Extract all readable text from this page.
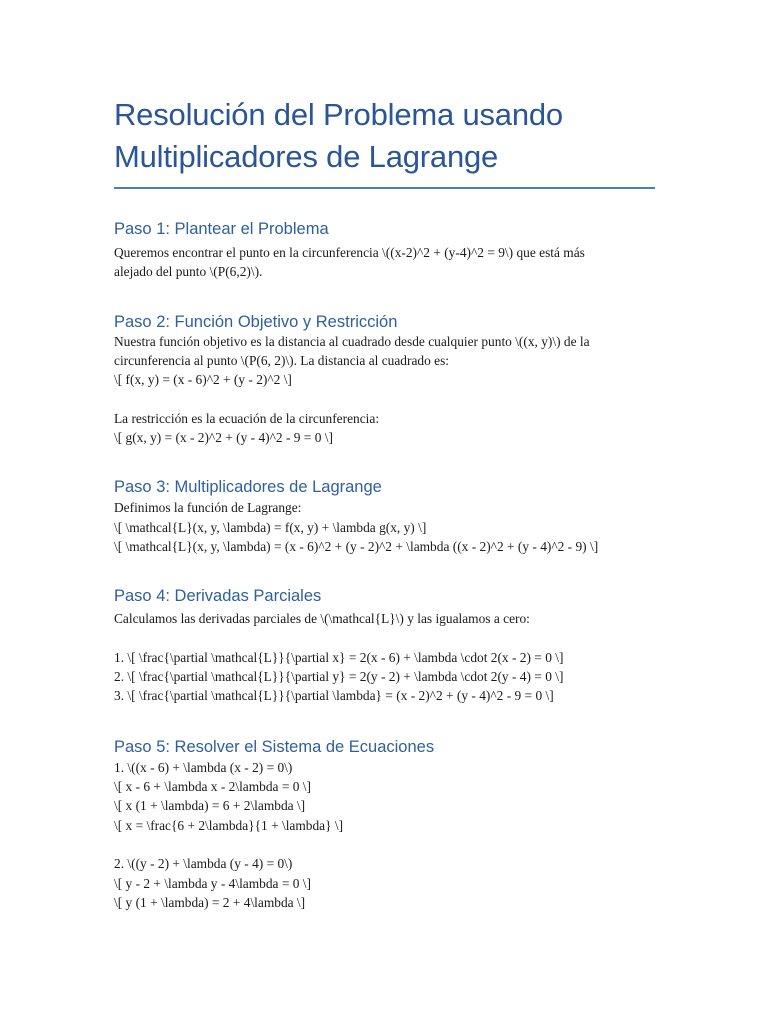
Resolución del Problema usando
Multiplicadores de Lagrange
Paso 1: Plantear el Problema

Queremos encontrar el punto en la circunferencia \((x-2)^2 + (y-4)^2 = 9\) que está más

alejado del punto \(P(6,2)\).

Paso 2: Función Objetivo y Restricción

Nuestra función objetivo es la distancia al cuadrado desde cualquier punto \((x, y)\) de la

circunferencia al punto \(P(6, 2)\). La distancia al cuadrado es:

\[ f(x, y) = (x - 6)^2 + (y - 2)^2 \]

La restricción es la ecuación de la circunferencia:

\[ g(x, y) = (x - 2)^2 + (y - 4)^2 - 9 = 0 \]

Paso 3: Multiplicadores de Lagrange

Definimos la función de Lagrange:

\[ \mathcal{L}(x, y, \lambda) = f(x, y) + \lambda g(x, y) \]

\[ \mathcal{L}(x, y, \lambda) = (x - 6)^2 + (y - 2)^2 + \lambda ((x - 2)^2 + (y - 4)^2 - 9) \]

Paso 4: Derivadas Parciales

Calculamos las derivadas parciales de \(\mathcal{L}\) y las igualamos a cero:

1. \[ \frac{\partial \mathcal{L}}{\partial x} = 2(x - 6) + \lambda \cdot 2(x - 2) = 0 \]

2. \[ \frac{\partial \mathcal{L}}{\partial y} = 2(y - 2) + \lambda \cdot 2(y - 4) = 0 \]

3. \[ \frac{\partial \mathcal{L}}{\partial \lambda} = (x - 2)^2 + (y - 4)^2 - 9 = 0 \]

Paso 5: Resolver el Sistema de Ecuaciones

1. \((x - 6) + \lambda (x - 2) = 0\)

\[ x - 6 + \lambda x - 2\lambda = 0 \]

\[ x (1 + \lambda) = 6 + 2\lambda \]

\[ x = \frac{6 + 2\lambda}{1 + \lambda} \]

2. \((y - 2) + \lambda (y - 4) = 0\)

\[ y - 2 + \lambda y - 4\lambda = 0 \]

\[ y (1 + \lambda) = 2 + 4\lambda \]
